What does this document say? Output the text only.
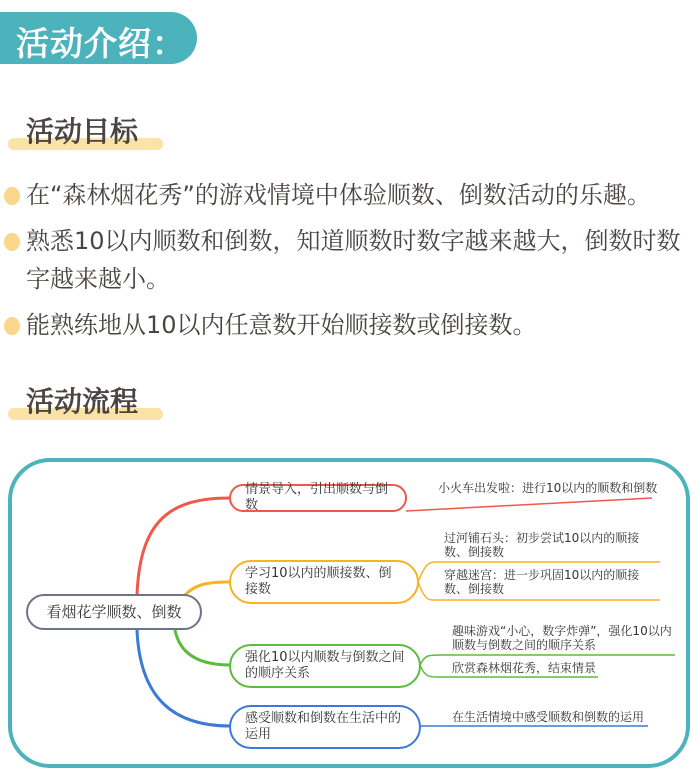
活动介绍：
活动目标
在“森林烟花秀”的游戏情境中体验顺数、倒数活动的乐趣。
熟悉10以内顺数和倒数，知道顺数时数字越来越大，倒数时数字越来越小。
能熟练地从10以内任意数开始顺接数或倒接数。
活动流程
看烟花学顺数、倒数
情景导入，引出顺数与倒数
小火车出发啦：进行10以内的顺数和倒数
学习10以内的顺接数、倒接数
过河铺石头：初步尝试10以内的顺接数、倒接数
穿越迷宫：进一步巩固10以内的顺接数、倒接数
强化10以内顺数与倒数之间的顺序关系
趣味游戏“小心，数字炸弹”，强化10以内顺数与倒数之间的顺序关系
欣赏森林烟花秀，结束情景
感受顺数和倒数在生活中的运用
在生活情境中感受顺数和倒数的运用
